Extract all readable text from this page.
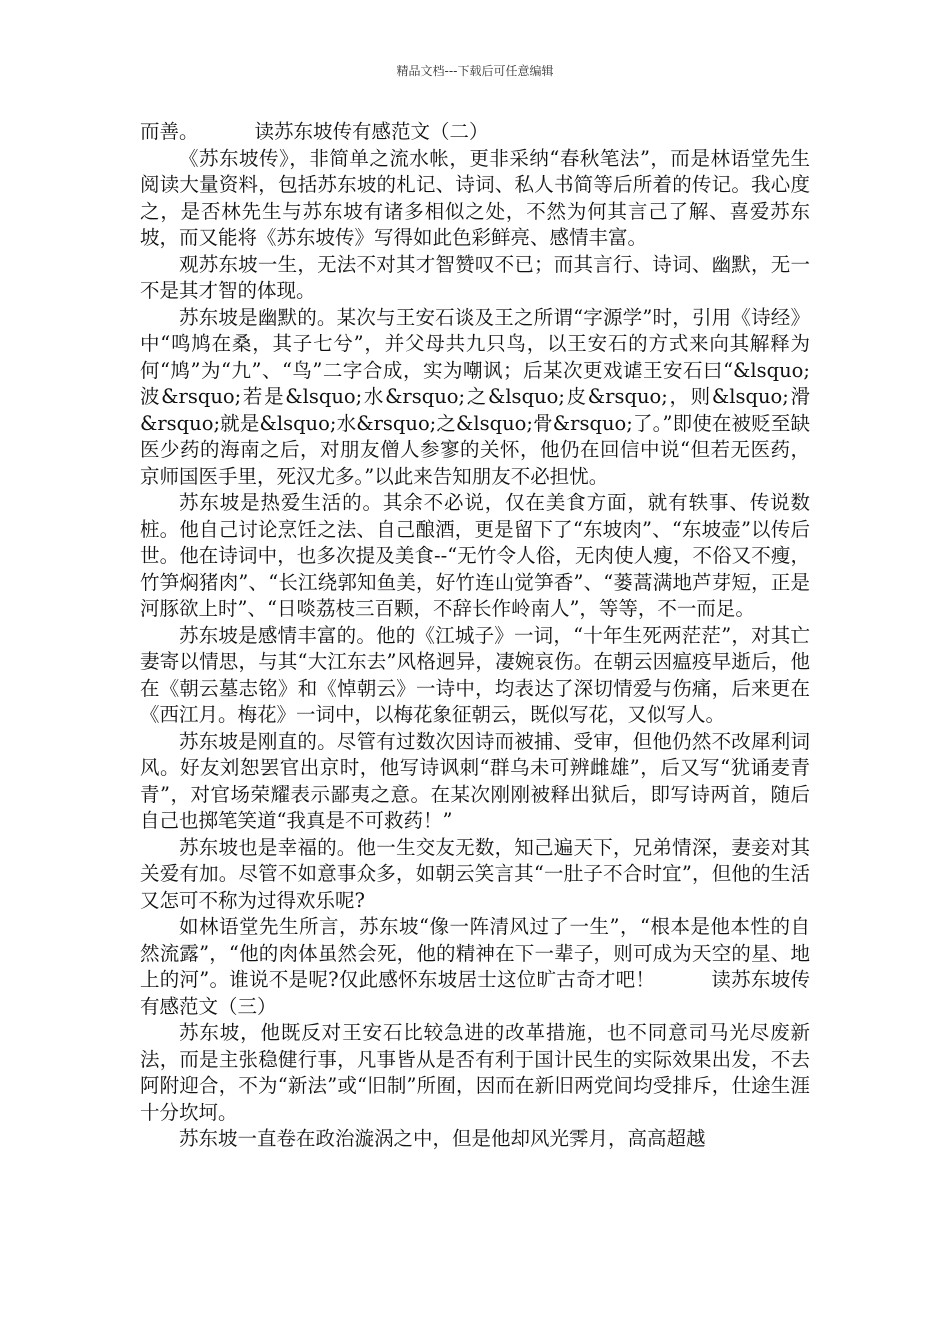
精品文档---下载后可任意编辑

而善。	读苏东坡传有感范文（二）

《苏东坡传》，非简单之流水帐，更非采纳“春秋笔法”，而是林语堂先生阅读大量资料，包括苏东坡的札记、诗词、私人书简等后所着的传记。我心度之，是否林先生与苏东坡有诸多相似之处，不然为何其言己了解、喜爱苏东坡，而又能将《苏东坡传》写得如此色彩鲜亮、感情丰富。

观苏东坡一生，无法不对其才智赞叹不已；而其言行、诗词、幽默，无一不是其才智的体现。

苏东坡是幽默的。某次与王安石谈及王之所谓“字源学”时，引用《诗经》中“鸣鸠在桑，其子七兮”，并父母共九只鸟，以王安石的方式来向其解释为何“鸠”为“九”、“鸟”二字合成，实为嘲讽；后某次更戏谑王安石曰“&lsquo;波&rsquo;若是&lsquo;水&rsquo;之&lsquo;皮&rsquo;，则&lsquo;滑&rsquo;就是&lsquo;水&rsquo;之&lsquo;骨&rsquo;了。”即使在被贬至缺医少药的海南之后，对朋友僧人参寥的关怀，他仍在回信中说“但若无医药，京师国医手里，死汉尤多。”以此来告知朋友不必担忧。

苏东坡是热爱生活的。其余不必说，仅在美食方面，就有轶事、传说数桩。他自己讨论烹饪之法、自己酿酒，更是留下了“东坡肉”、“东坡壶”以传后世。他在诗词中，也多次提及美食--“无竹令人俗，无肉使人瘦，不俗又不瘦，竹笋焖猪肉”、“长江绕郭知鱼美，好竹连山觉笋香”、“蒌蒿满地芦芽短，正是河豚欲上时”、“日啖荔枝三百颗，不辞长作岭南人”，等等，不一而足。

苏东坡是感情丰富的。他的《江城子》一词，“十年生死两茫茫”，对其亡妻寄以情思，与其“大江东去”风格迥异，凄婉哀伤。在朝云因瘟疫早逝后，他在《朝云墓志铭》和《悼朝云》一诗中，均表达了深切情爱与伤痛，后来更在《西江月。梅花》一词中，以梅花象征朝云，既似写花，又似写人。

苏东坡是刚直的。尽管有过数次因诗而被捕、受审，但他仍然不改犀利词风。好友刘恕罢官出京时，他写诗讽刺“群乌未可辨雌雄”，后又写“犹诵麦青青”，对官场荣耀表示鄙夷之意。在某次刚刚被释出狱后，即写诗两首，随后自己也掷笔笑道“我真是不可救药！”

苏东坡也是幸福的。他一生交友无数，知己遍天下，兄弟情深，妻妾对其关爱有加。尽管不如意事众多，如朝云笑言其“一肚子不合时宜”，但他的生活又怎可不称为过得欢乐呢?

如林语堂先生所言，苏东坡“像一阵清风过了一生”，“根本是他本性的自然流露”，“他的肉体虽然会死，他的精神在下一辈子，则可成为天空的星、地上的河”。谁说不是呢?仅此感怀东坡居士这位旷古奇才吧！	读苏东坡传有感范文（三）

苏东坡，他既反对王安石比较急进的改革措施，也不同意司马光尽废新法，而是主张稳健行事，凡事皆从是否有利于国计民生的实际效果出发，不去阿附迎合，不为“新法”或“旧制”所囿，因而在新旧两党间均受排斥，仕途生涯十分坎坷。

苏东坡一直卷在政治漩涡之中，但是他却风光霁月，高高超越
